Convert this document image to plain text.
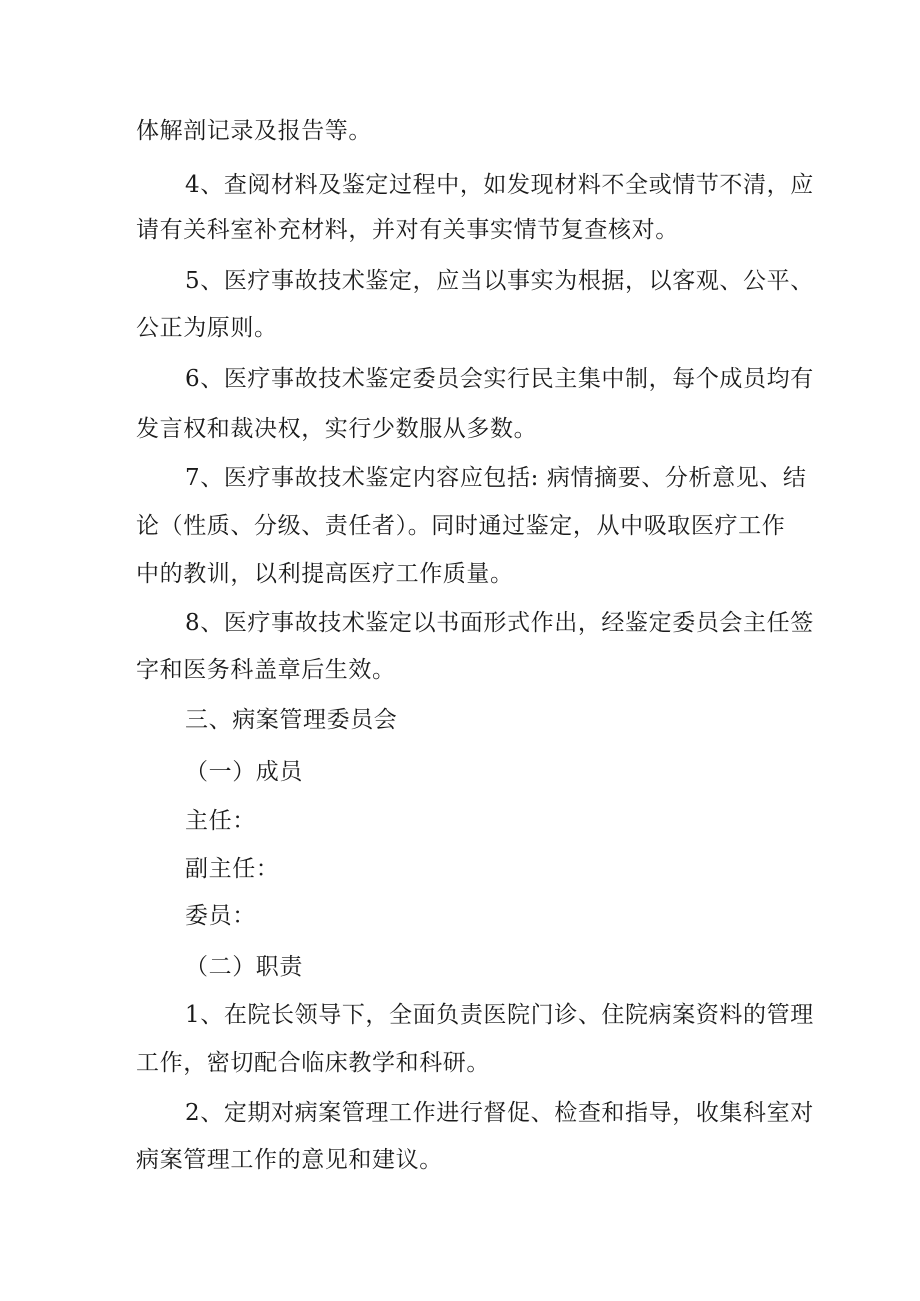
体解剖记录及报告等。
4、查阅材料及鉴定过程中，如发现材料不全或情节不清，应
请有关科室补充材料，并对有关事实情节复查核对。
5、医疗事故技术鉴定，应当以事实为根据，以客观、公平、
公正为原则。
6、医疗事故技术鉴定委员会实行民主集中制，每个成员均有
发言权和裁决权，实行少数服从多数。
7、医疗事故技术鉴定内容应包括: 病情摘要、分析意见、结
论（性质、分级、责任者）。同时通过鉴定，从中吸取医疗工作
中的教训，以利提高医疗工作质量。
8、医疗事故技术鉴定以书面形式作出，经鉴定委员会主任签
字和医务科盖章后生效。
三、病案管理委员会
（一）成员
主任：
副主任：
委员：
（二）职责
1、在院长领导下，全面负责医院门诊、住院病案资料的管理
工作，密切配合临床教学和科研。
2、定期对病案管理工作进行督促、检查和指导，收集科室对
病案管理工作的意见和建议。
